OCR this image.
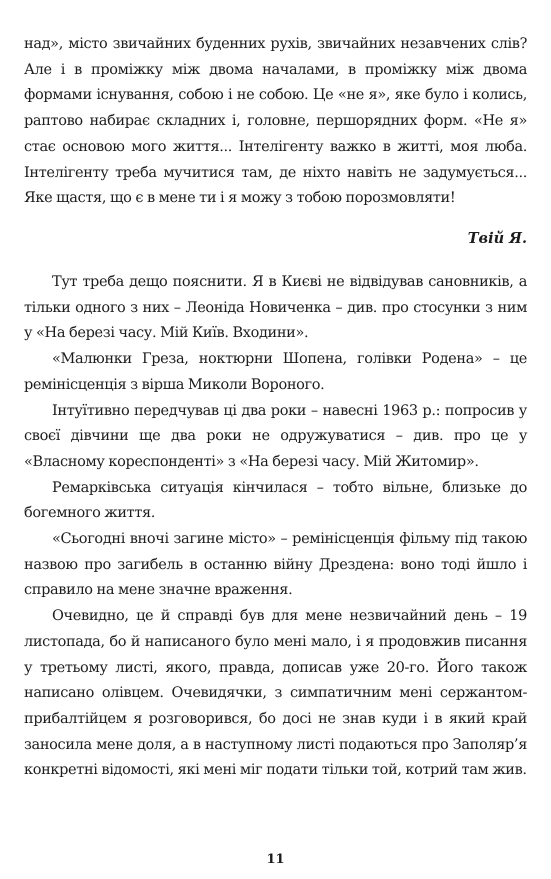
над», місто звичайних буденних рухів, звичайних незавчених слів? Але і в проміжку між двома началами, в проміжку між двома формами існування, собою і не собою. Це «не я», яке було і колись, раптово набирає складних і, головне, першорядних форм. «Не я» стає основою мого життя... Інтелігенту важко в житті, моя люба. Інтелігенту треба мучитися там, де ніхто навіть не задумується... Яке щастя, що є в мене ти і я можу з тобою порозмовляти!

Твій Я.

Тут треба дещо пояснити. Я в Києві не відвідував сановників, а тільки одного з них – Леоніда Новиченка – див. про стосунки з ним у «На березі часу. Мій Київ. Входини».

«Малюнки Греза, ноктюрни Шопена, голівки Родена» – це ремінісценція з вірша Миколи Вороного.

Інтуїтивно передчував ці два роки – навесні 1963 р.: попросив у своєї дівчини ще два роки не одружуватися – див. про це у «Власному кореспонденті» з «На березі часу. Мій Житомир».

Ремарківська ситуація кінчилася – тобто вільне, близьке до богемного життя.

«Сьогодні вночі загине місто» – ремінісценція фільму під такою назвою про загибель в останню війну Дрездена: воно тоді йшло і справило на мене значне враження.

Очевидно, це й справді був для мене незвичайний день – 19 листопада, бо й написаного було мені мало, і я продовжив писання у третьому листі, якого, правда, дописав уже 20-го. Його також написано олівцем. Очевидячки, з симпатичним мені сержантом-прибалтійцем я розговорився, бо досі не знав куди і в який край заносила мене доля, а в наступному листі подаються про Заполяр’я конкретні відомості, які мені міг подати тільки той, котрий там жив.

11
